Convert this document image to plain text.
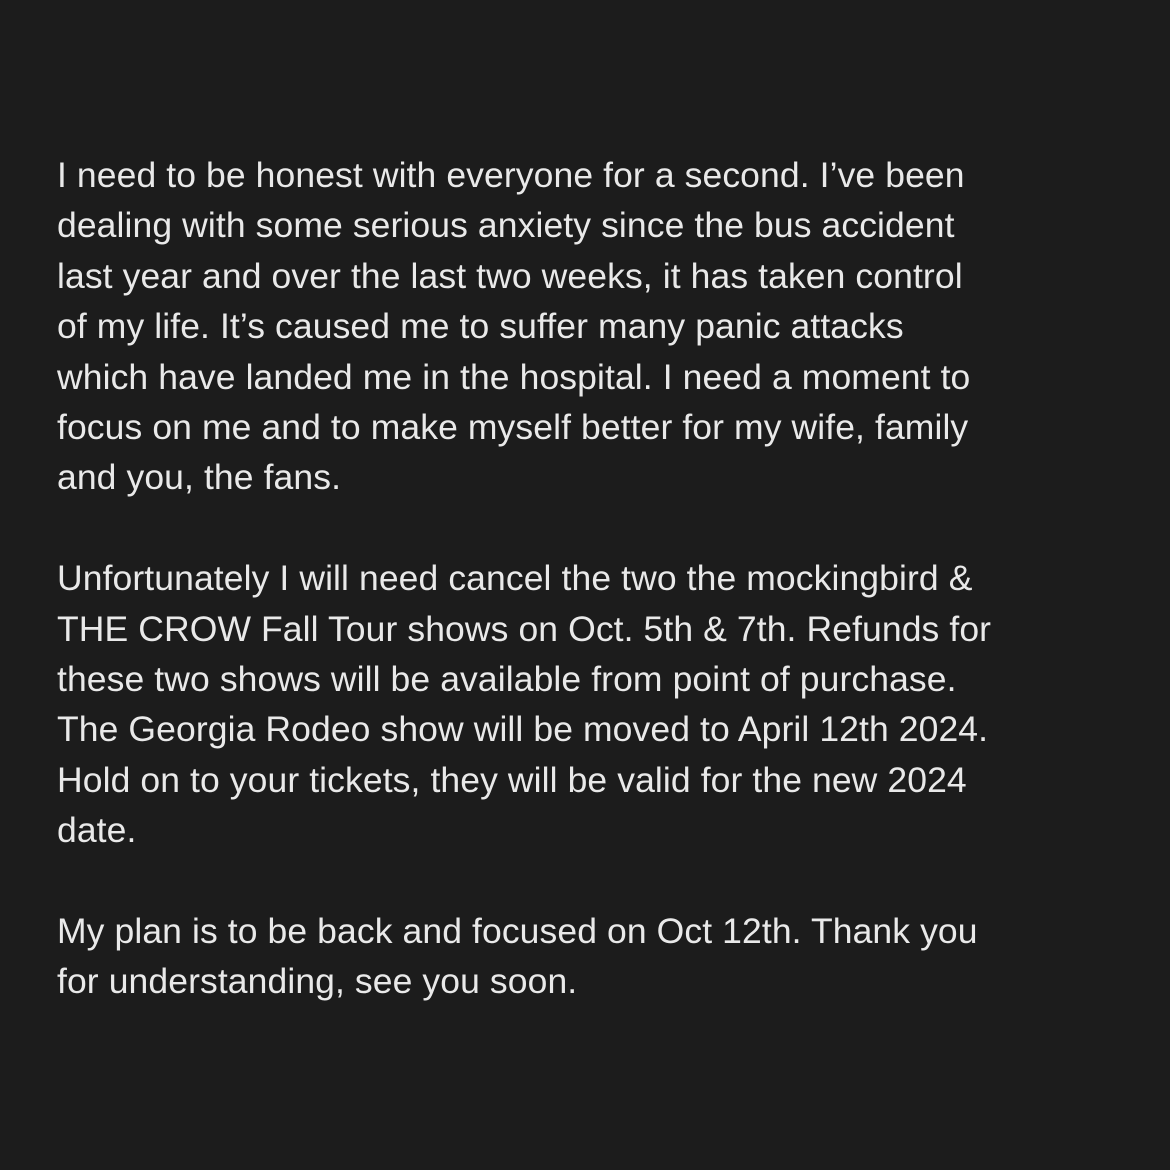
I need to be honest with everyone for a second. I’ve been
dealing with some serious anxiety since the bus accident
last year and over the last two weeks, it has taken control
of my life. It’s caused me to suffer many panic attacks
which have landed me in the hospital. I need a moment to
focus on me and to make myself better for my wife, family
and you, the fans.
Unfortunately I will need cancel the two the mockingbird &
THE CROW Fall Tour shows on Oct. 5th & 7th. Refunds for
these two shows will be available from point of purchase.
The Georgia Rodeo show will be moved to April 12th 2024.
Hold on to your tickets, they will be valid for the new 2024
date.
My plan is to be back and focused on Oct 12th. Thank you
for understanding, see you soon.
